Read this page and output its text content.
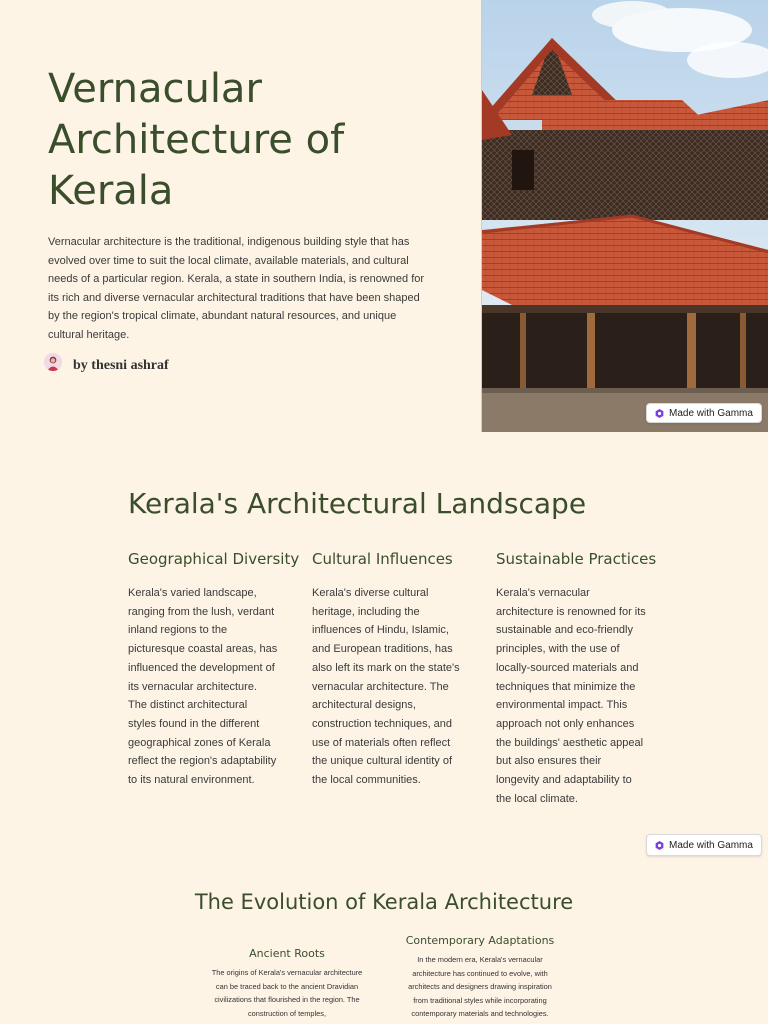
Vernacular Architecture of Kerala

Vernacular architecture is the traditional, indigenous building style that has evolved over time to suit the local climate, available materials, and cultural needs of a particular region. Kerala, a state in southern India, is renowned for its rich and diverse vernacular architectural traditions that have been shaped by the region's tropical climate, abundant natural resources, and unique cultural heritage.

by thesni ashraf
Made with Gamma
Kerala's Architectural Landscape
Geographical Diversity

Kerala's varied landscape, ranging from the lush, verdant inland regions to the picturesque coastal areas, has influenced the development of its vernacular architecture. The distinct architectural styles found in the different geographical zones of Kerala reflect the region's adaptability to its natural environment.

Cultural Influences

Kerala's diverse cultural heritage, including the influences of Hindu, Islamic, and European traditions, has also left its mark on the state's vernacular architecture. The architectural designs, construction techniques, and use of materials often reflect the unique cultural identity of the local communities.

Sustainable Practices

Kerala's vernacular architecture is renowned for its sustainable and eco-friendly principles, with the use of locally-sourced materials and techniques that minimize the environmental impact. This approach not only enhances the buildings' aesthetic appeal but also ensures their longevity and adaptability to the local climate.

Made with Gamma
The Evolution of Kerala Architecture
Ancient Roots

The origins of Kerala's vernacular architecture can be traced back to the ancient Dravidian civilizations that flourished in the region. The construction of temples,

Contemporary Adaptations

In the modern era, Kerala's vernacular architecture has continued to evolve, with architects and designers drawing inspiration from traditional styles while incorporating contemporary materials and technologies.
